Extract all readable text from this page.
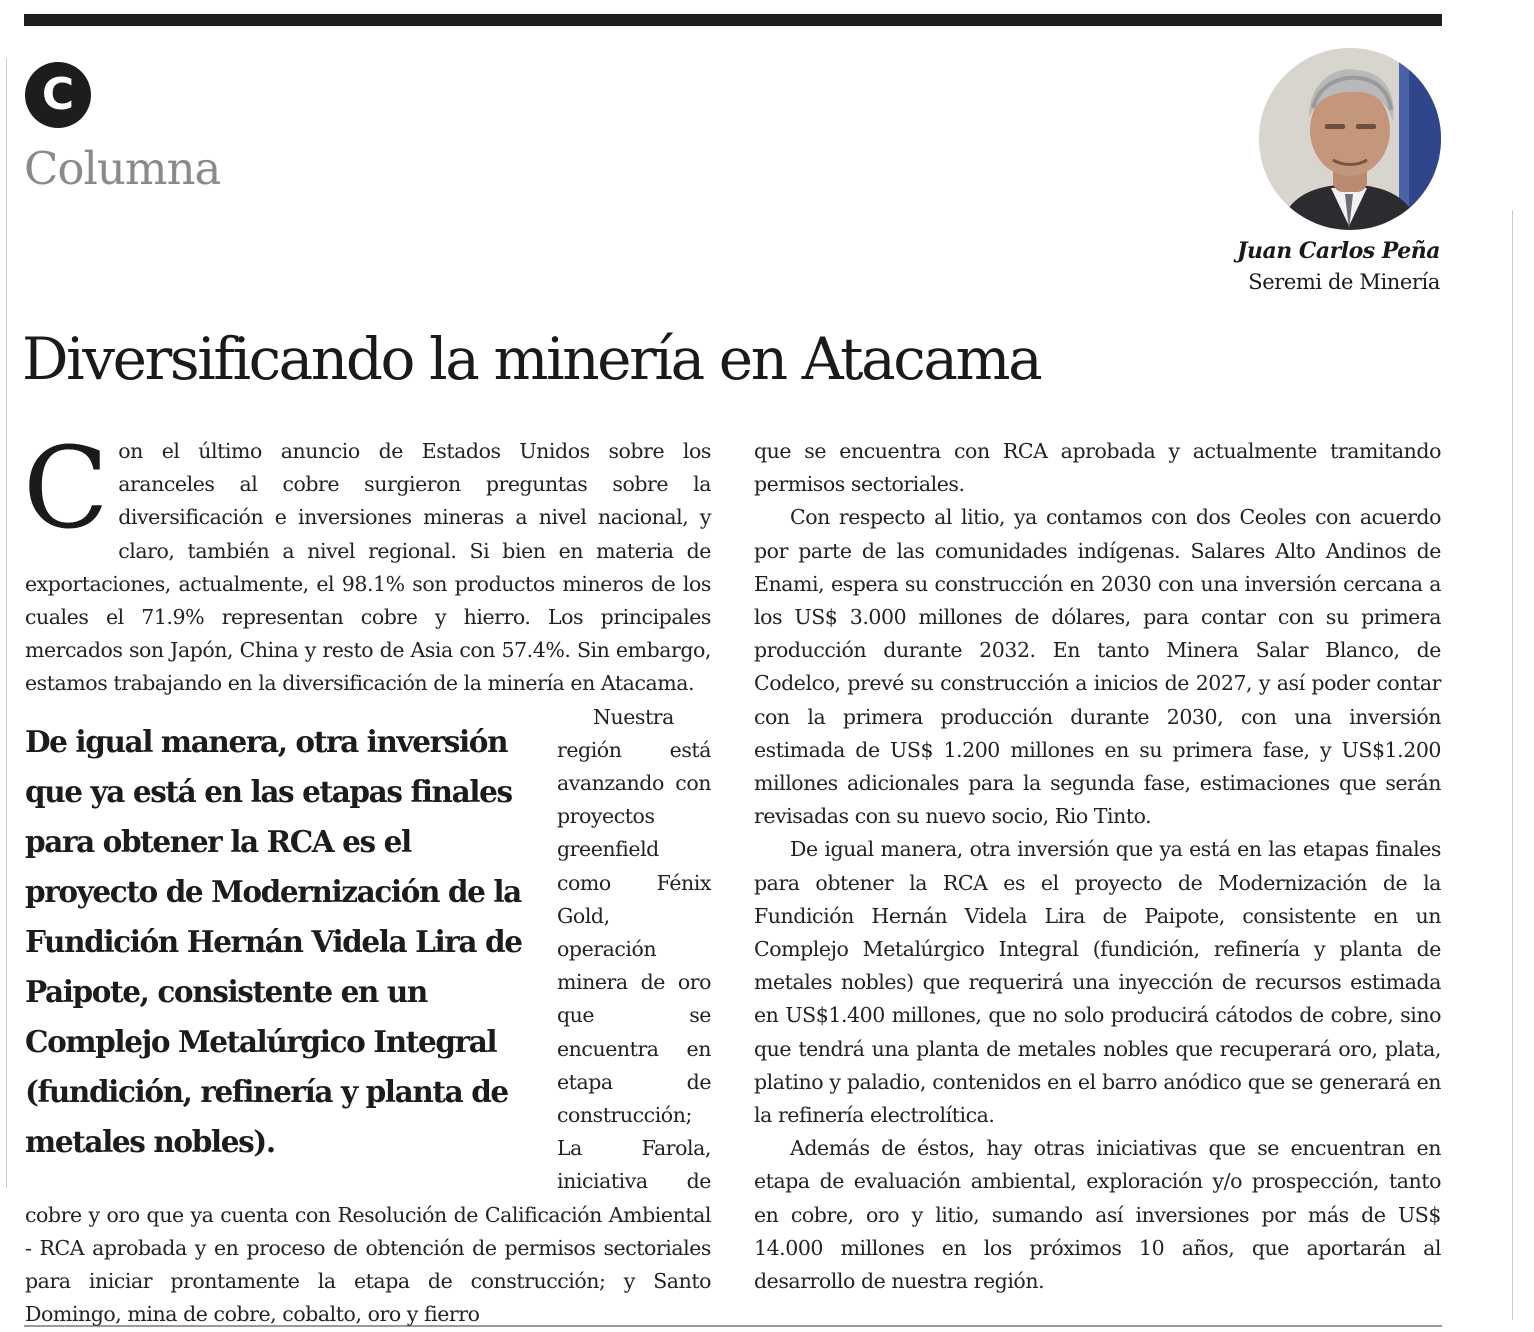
C
Columna
Juan Carlos Peña
Seremi de Minería
Diversificando la minería en Atacama

Con el último anuncio de Estados Unidos sobre los aranceles al cobre surgieron preguntas sobre la diversificación e inversiones mineras a nivel nacional, y claro, también a nivel regional. Si bien en materia de exportaciones, actualmente, el 98.1% son productos mineros de los cuales el 71.9% representan cobre y hierro. Los principales mercados son Japón, China y resto de Asia con 57.4%. Sin embargo, estamos trabajando en la diversificación de la minería en Atacama.

De igual manera, otra inversión que ya está en las etapas finales para obtener la RCA es el proyecto de Modernización de la Fundición Hernán Videla Lira de Paipote, consistente en un Complejo Metalúrgico Integral (fundición, refinería y planta de metales nobles).

Nuestra región está avanzando con proyectos greenfield como Fénix Gold, operación minera de oro que se encuentra en etapa de construcción; La Farola, iniciativa de cobre y oro que ya cuenta con Resolución de Calificación Ambiental - RCA aprobada y en proceso de obtención de permisos sectoriales para iniciar prontamente la etapa de construcción; y Santo Domingo, mina de cobre, cobalto, oro y fierro

que se encuentra con RCA aprobada y actualmente tramitando permisos sectoriales.

Con respecto al litio, ya contamos con dos Ceoles con acuerdo por parte de las comunidades indígenas. Salares Alto Andinos de Enami, espera su construcción en 2030 con una inversión cercana a los US$ 3.000 millones de dólares, para contar con su primera producción durante 2032. En tanto Minera Salar Blanco, de Codelco, prevé su construcción a inicios de 2027, y así poder contar con la primera producción durante 2030, con una inversión estimada de US$ 1.200 millones en su primera fase, y US$1.200 millones adicionales para la segunda fase, estimaciones que serán revisadas con su nuevo socio, Rio Tinto.

De igual manera, otra inversión que ya está en las etapas finales para obtener la RCA es el proyecto de Modernización de la Fundición Hernán Videla Lira de Paipote, consistente en un Complejo Metalúrgico Integral (fundición, refinería y planta de metales nobles) que requerirá una inyección de recursos estimada en US$1.400 millones, que no solo producirá cátodos de cobre, sino que tendrá una planta de metales nobles que recuperará oro, plata, platino y paladio, contenidos en el barro anódico que se generará en la refinería electrolítica.

Además de éstos, hay otras iniciativas que se encuentran en etapa de evaluación ambiental, exploración y/o prospección, tanto en cobre, oro y litio, sumando así inversiones por más de US$ 14.000 millones en los próximos 10 años, que aportarán al desarrollo de nuestra región.
